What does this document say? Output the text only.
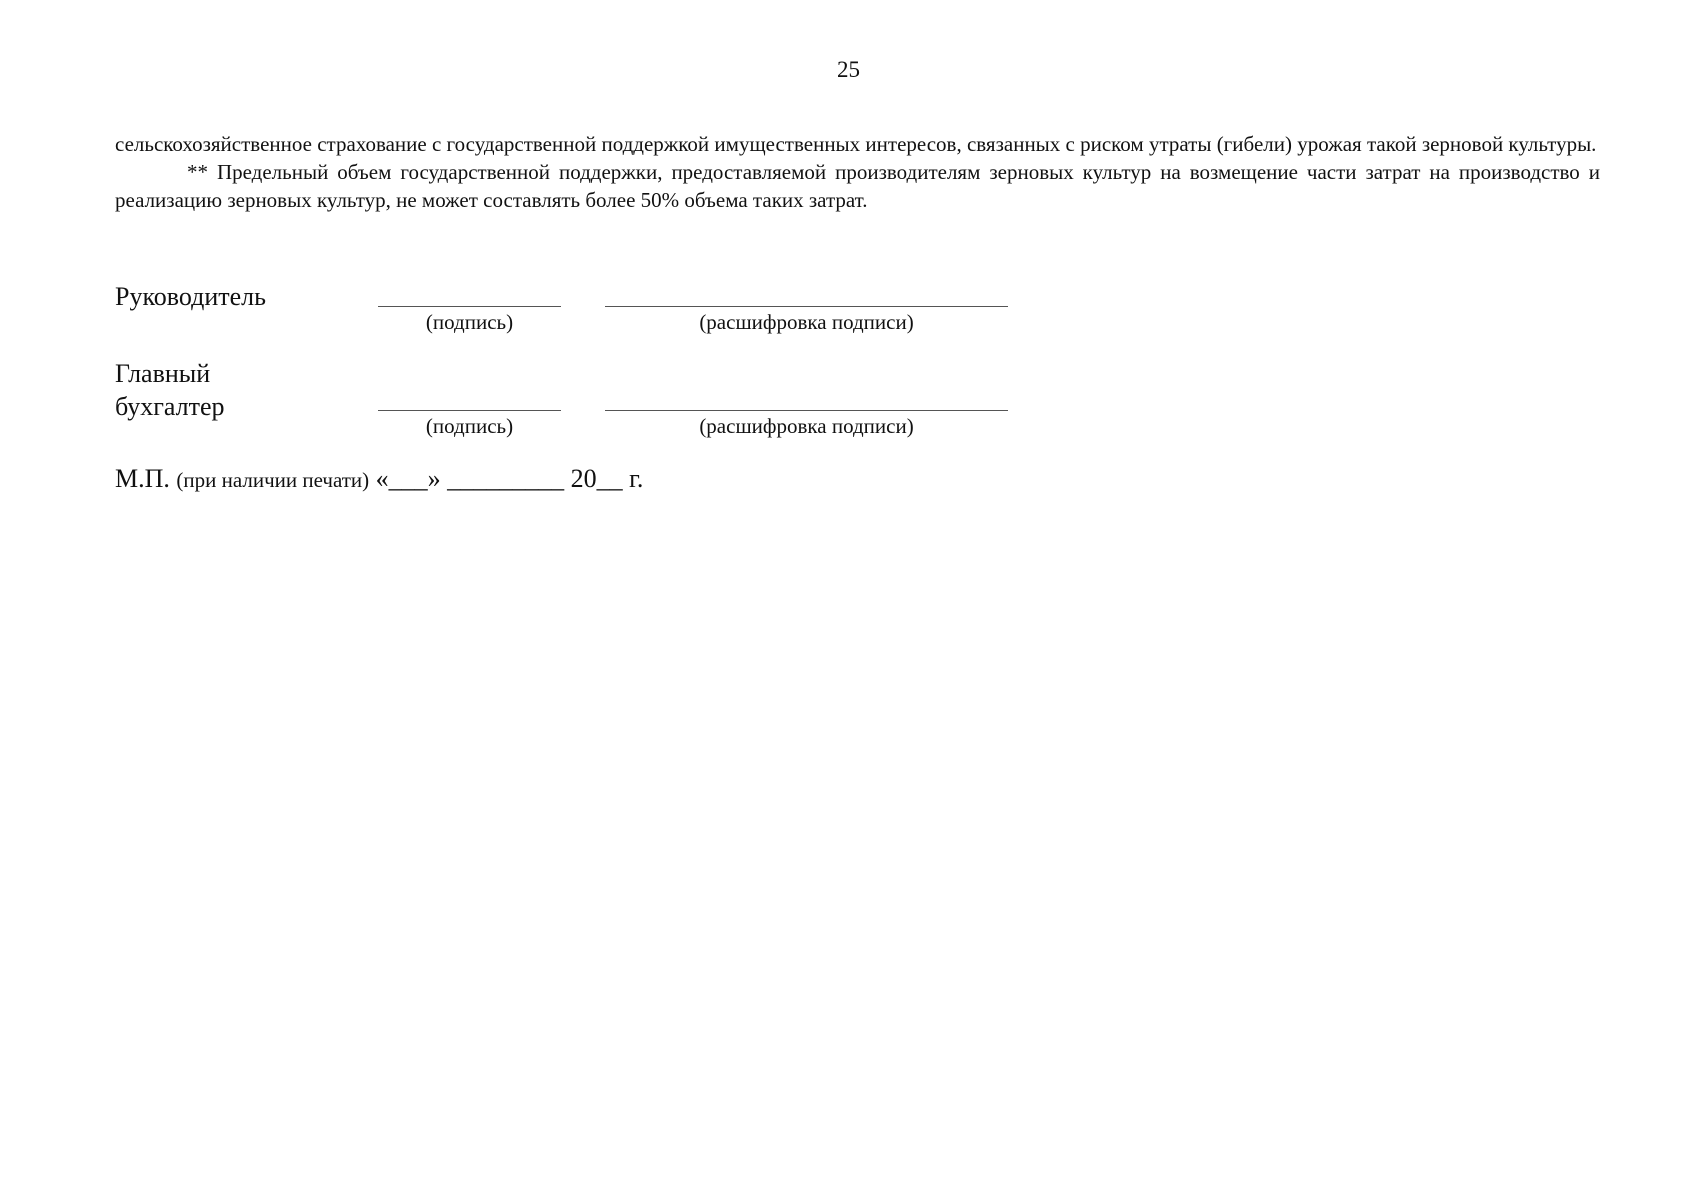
25

сельскохозяйственное страхование с государственной поддержкой имущественных интересов, связанных с риском утраты (гибели) урожая такой зерновой культуры.

** Предельный объем государственной поддержки, предоставляемой производителям зерновых культур на возмещение части затрат на производство и реализацию зерновых культур, не может составлять более 50% объема таких затрат.

Руководитель
(подпись)	(расшифровка подписи)
Главный
бухгалтер
(подпись)	(расшифровка подписи)
М.П. (при наличии печати) «___» _________ 20__ г.
